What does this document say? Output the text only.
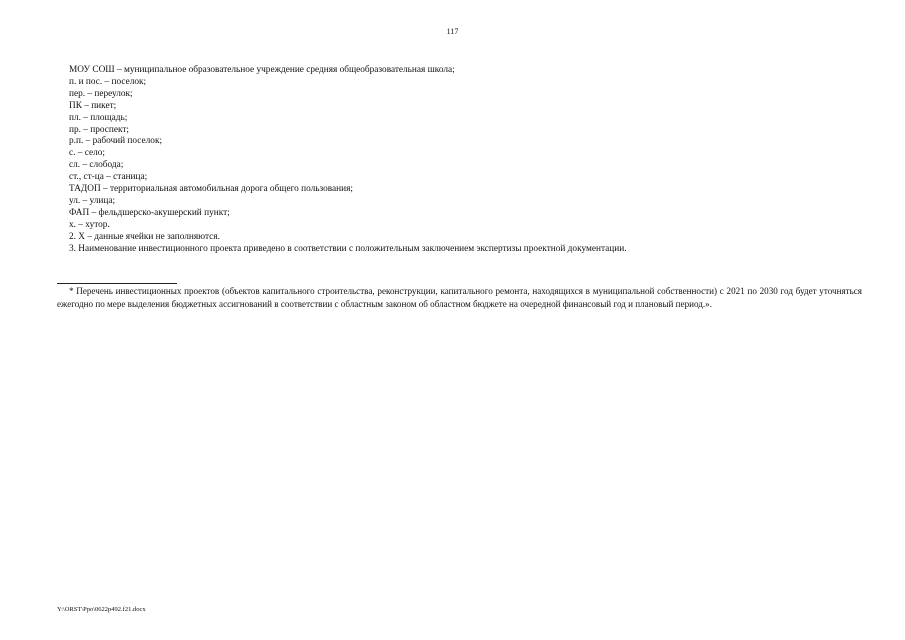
117
МОУ СОШ – муниципальное образовательное учреждение средняя общеобразовательная школа;
п. и пос. – поселок;
пер. – переулок;
ПК – пикет;
пл. – площадь;
пр. – проспект;
р.п. – рабочий поселок;
с. – село;
сл. – слобода;
ст., ст-ца – станица;
ТАДОП – территориальная автомобильная дорога общего пользования;
ул. – улица;
ФАП – фельдшерско-акушерский пункт;
х. – хутор.
2. Х – данные ячейки не заполняются.
3. Наименование инвестиционного проекта приведено в соответствии с положительным заключением экспертизы проектной документации.

* Перечень инвестиционных проектов (объектов капитального строительства, реконструкции, капитального ремонта, находящихся в муниципальной собственности) с 2021 по 2030 год будет уточняться ежегодно по мере выделения бюджетных ассигнований в соответствии с областным законом об областном бюджете на очередной финансовый год и плановый период.».

Y:\ORST\Ppo\0622p492.f21.docx
